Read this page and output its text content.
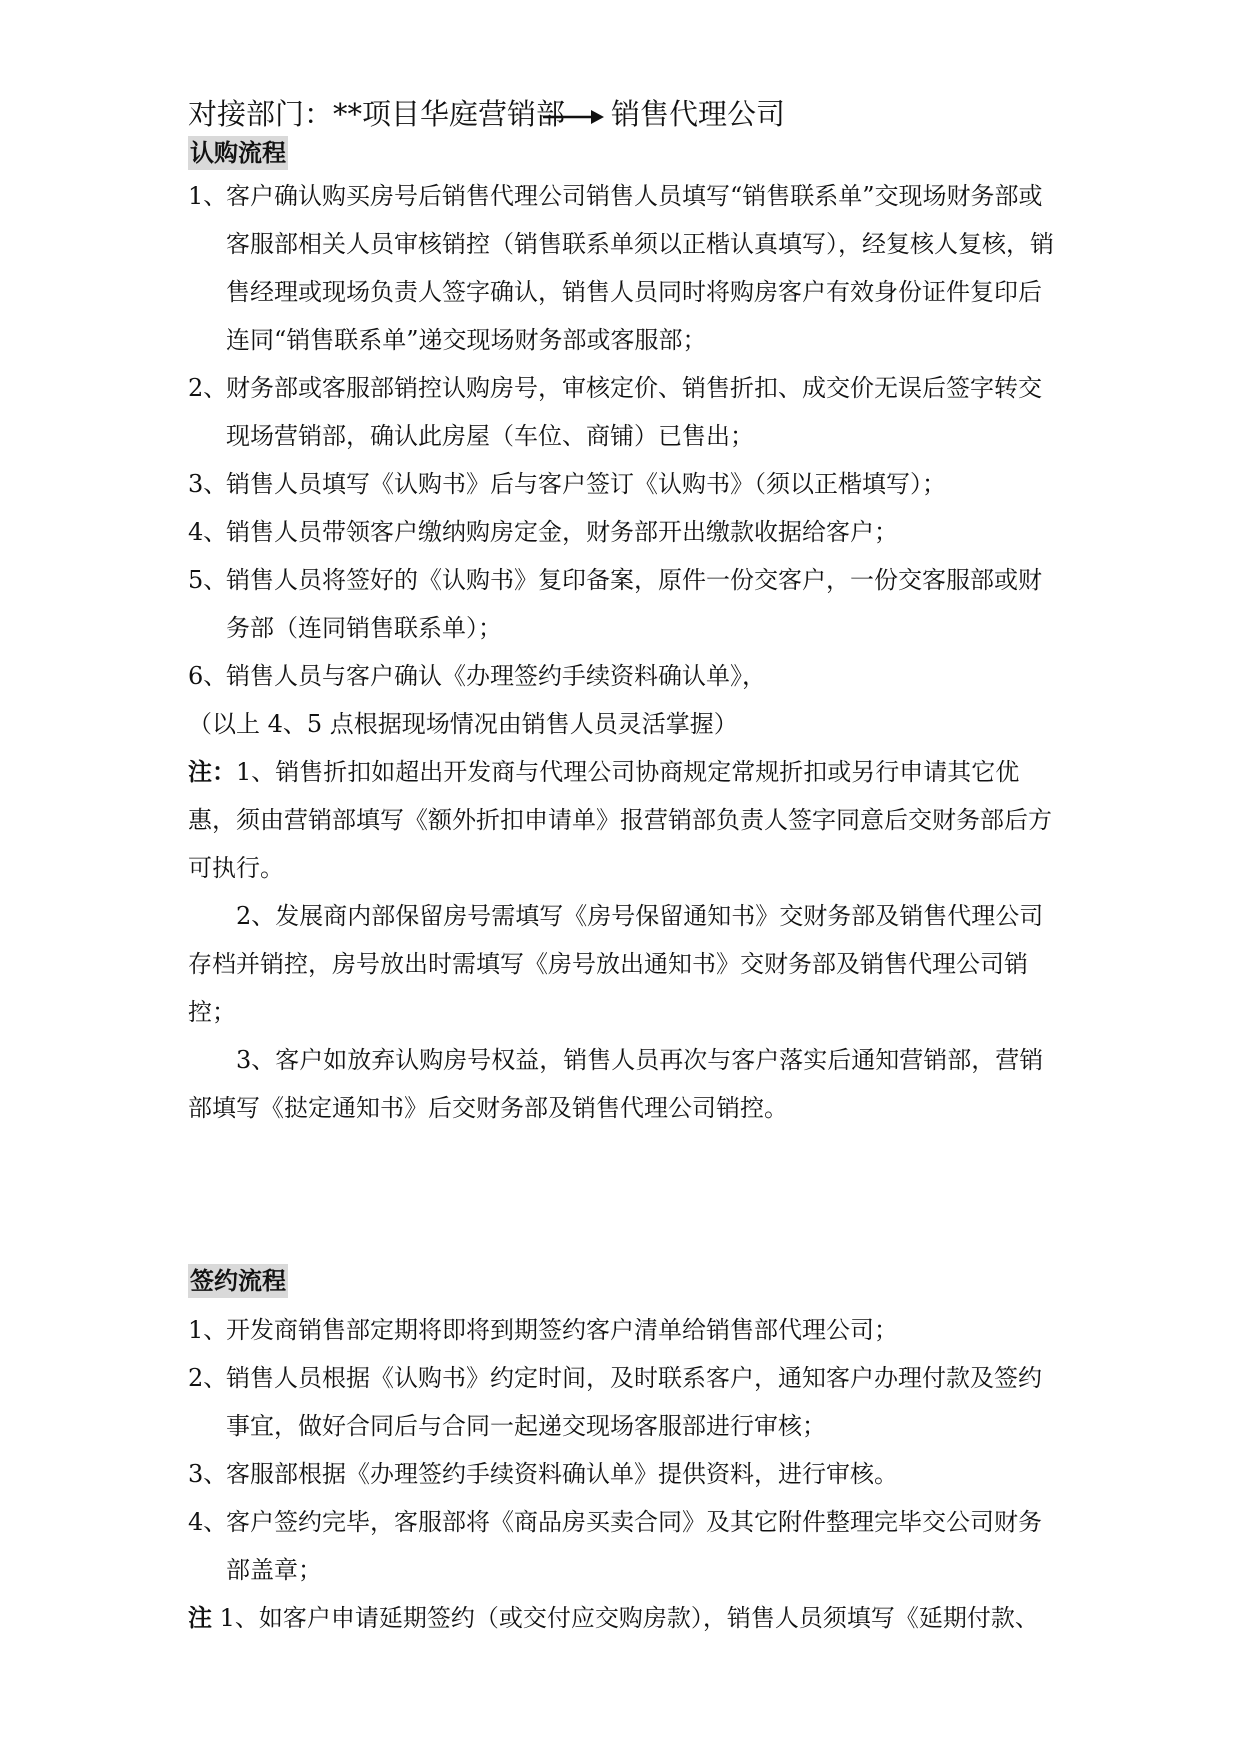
对接部门：**项目华庭营销部 销售代理公司
认购流程
1、
客户确认购买房号后销售代理公司销售人员填写“销售联系单”交现场财务部或客服部相关人员审核销控（销售联系单须以正楷认真填写），经复核人复核，销售经理或现场负责人签字确认，销售人员同时将购房客户有效身份证件复印后连同“销售联系单”递交现场财务部或客服部；
2、
财务部或客服部销控认购房号，审核定价、销售折扣、成交价无误后签字转交现场营销部，确认此房屋（车位、商铺）已售出；
3、
销售人员填写《认购书》后与客户签订《认购书》（须以正楷填写）；
4、
销售人员带领客户缴纳购房定金，财务部开出缴款收据给客户；
5、
销售人员将签好的《认购书》复印备案，原件一份交客户，一份交客服部或财务部（连同销售联系单）；
6、
销售人员与客户确认《办理签约手续资料确认单》，
（以上 4、5 点根据现场情况由销售人员灵活掌握）
注：1、销售折扣如超出开发商与代理公司协商规定常规折扣或另行申请其它优惠，须由营销部填写《额外折扣申请单》报营销部负责人签字同意后交财务部后方可执行。
2、发展商内部保留房号需填写《房号保留通知书》交财务部及销售代理公司存档并销控，房号放出时需填写《房号放出通知书》交财务部及销售代理公司销控；
3、客户如放弃认购房号权益，销售人员再次与客户落实后通知营销部，营销部填写《挞定通知书》后交财务部及销售代理公司销控。
签约流程
1、
开发商销售部定期将即将到期签约客户清单给销售部代理公司；
2、
销售人员根据《认购书》约定时间，及时联系客户，通知客户办理付款及签约事宜，做好合同后与合同一起递交现场客服部进行审核；
3、
客服部根据《办理签约手续资料确认单》提供资料，进行审核。
4、
客户签约完毕，客服部将《商品房买卖合同》及其它附件整理完毕交公司财务部盖章；
注 1、如客户申请延期签约（或交付应交购房款），销售人员须填写《延期付款、
